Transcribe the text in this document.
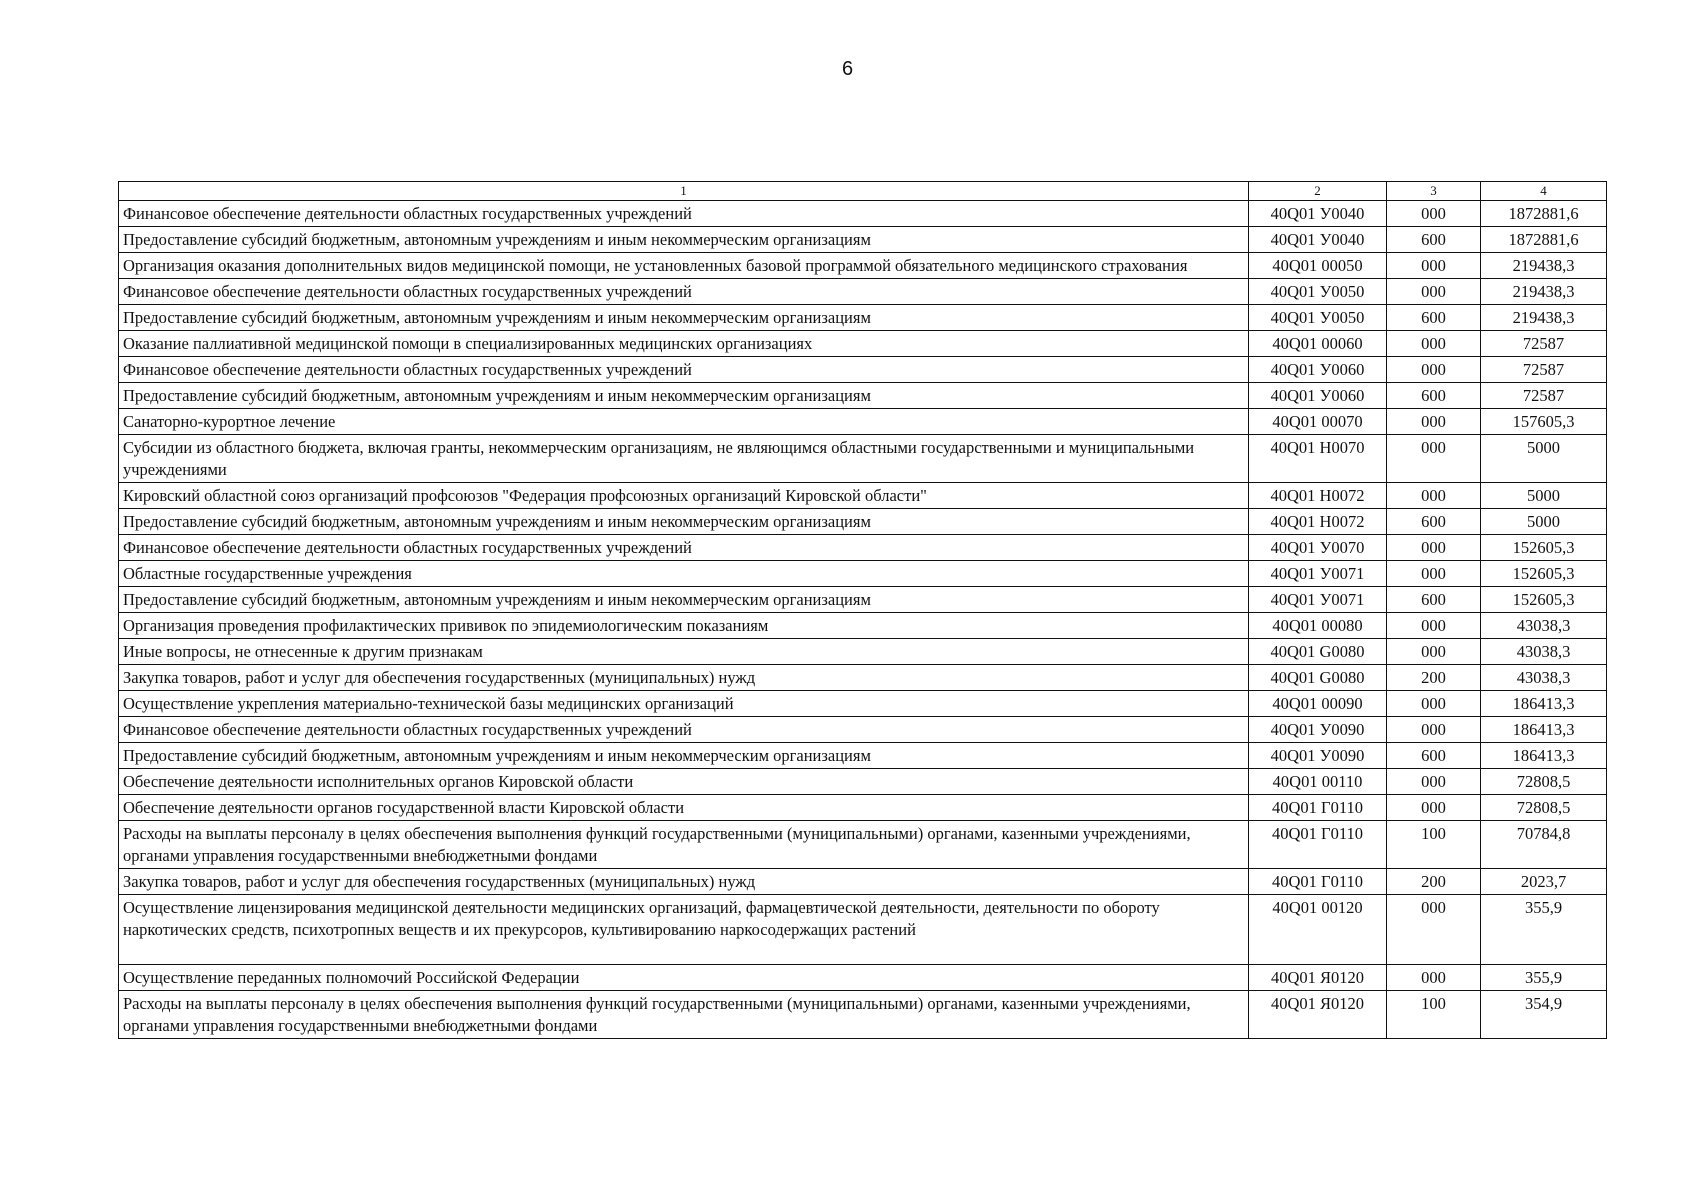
6
1	2	3	4
Финансовое обеспечение деятельности областных государственных учреждений	40Q01 У0040	000	1872881,6
Предоставление субсидий бюджетным, автономным учреждениям и иным некоммерческим организациям	40Q01 У0040	600	1872881,6
Организация оказания дополнительных видов медицинской помощи, не установленных базовой программой обязательного медицинского страхования	40Q01 00050	000	219438,3
Финансовое обеспечение деятельности областных государственных учреждений	40Q01 У0050	000	219438,3
Предоставление субсидий бюджетным, автономным учреждениям и иным некоммерческим организациям	40Q01 У0050	600	219438,3
Оказание паллиативной медицинской помощи в специализированных медицинских организациях	40Q01 00060	000	72587
Финансовое обеспечение деятельности областных государственных учреждений	40Q01 У0060	000	72587
Предоставление субсидий бюджетным, автономным учреждениям и иным некоммерческим организациям	40Q01 У0060	600	72587
Санаторно-курортное лечение	40Q01 00070	000	157605,3
Субсидии из областного бюджета, включая гранты, некоммерческим организациям, не являющимся областными государственными и муниципальными учреждениями	40Q01 Н0070	000	5000
Кировский областной союз организаций профсоюзов "Федерация профсоюзных организаций Кировской области"	40Q01 Н0072	000	5000
Предоставление субсидий бюджетным, автономным учреждениям и иным некоммерческим организациям	40Q01 Н0072	600	5000
Финансовое обеспечение деятельности областных государственных учреждений	40Q01 У0070	000	152605,3
Областные государственные учреждения	40Q01 У0071	000	152605,3
Предоставление субсидий бюджетным, автономным учреждениям и иным некоммерческим организациям	40Q01 У0071	600	152605,3
Организация проведения профилактических прививок по эпидемиологическим показаниям	40Q01 00080	000	43038,3
Иные вопросы, не отнесенные к другим признакам	40Q01 G0080	000	43038,3
Закупка товаров, работ и услуг для обеспечения государственных (муниципальных) нужд	40Q01 G0080	200	43038,3
Осуществление укрепления материально-технической базы медицинских организаций	40Q01 00090	000	186413,3
Финансовое обеспечение деятельности областных государственных учреждений	40Q01 У0090	000	186413,3
Предоставление субсидий бюджетным, автономным учреждениям и иным некоммерческим организациям	40Q01 У0090	600	186413,3
Обеспечение деятельности исполнительных органов Кировской области	40Q01 00110	000	72808,5
Обеспечение деятельности органов государственной власти Кировской области	40Q01 Г0110	000	72808,5
Расходы на выплаты персоналу в целях обеспечения выполнения функций государственными (муниципальными) органами, казенными учреждениями, органами управления государственными внебюджетными фондами	40Q01 Г0110	100	70784,8
Закупка товаров, работ и услуг для обеспечения государственных (муниципальных) нужд	40Q01 Г0110	200	2023,7
Осуществление лицензирования медицинской деятельности медицинских организаций, фармацевтической деятельности, деятельности по обороту наркотических средств, психотропных веществ и их прекурсоров, культивированию наркосодержащих растений	40Q01 00120	000	355,9
Осуществление переданных полномочий Российской Федерации	40Q01 Я0120	000	355,9
Расходы на выплаты персоналу в целях обеспечения выполнения функций государственными (муниципальными) органами, казенными учреждениями, органами управления государственными внебюджетными фондами	40Q01 Я0120	100	354,9
